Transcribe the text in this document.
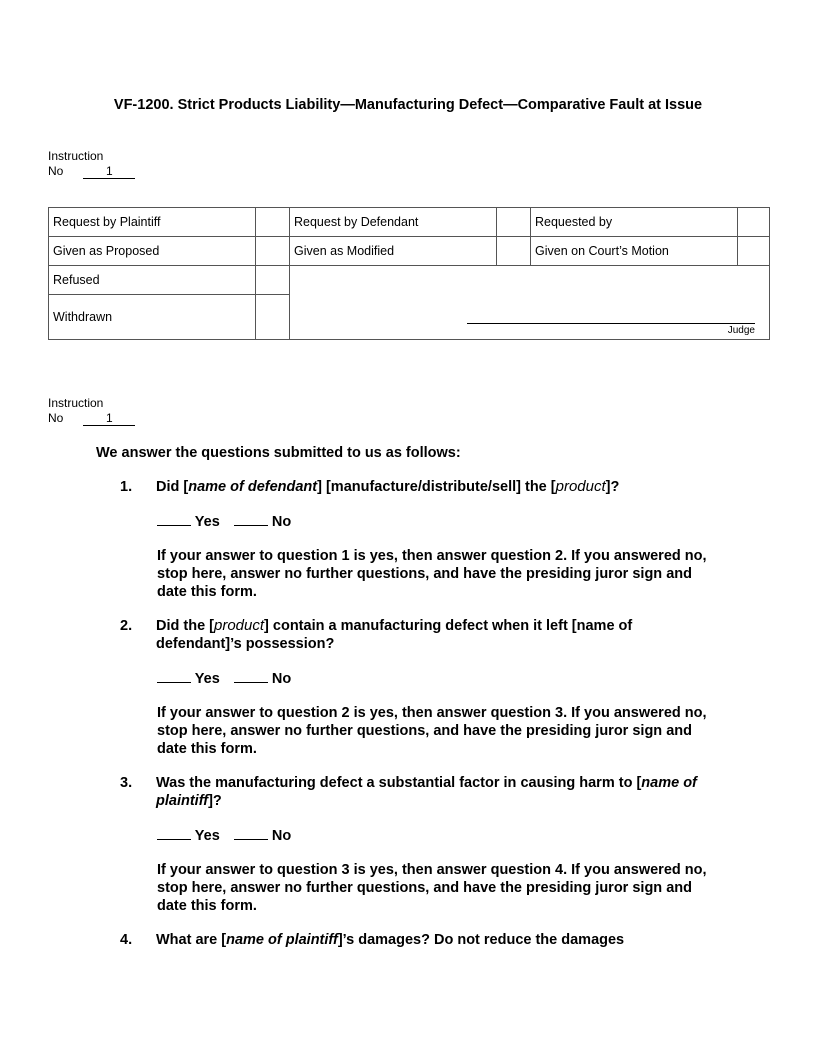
VF-1200. Strict Products Liability—Manufacturing Defect—Comparative Fault at Issue
Instruction
No	1
Request by Plaintiff		Request by Defendant		Requested by	
Given as Proposed		Given as Modified		Given on Court’s Motion	
Refused		Judge			

Withdrawn					
Instruction
No	1
We answer the questions submitted to us as follows:
1. Did [name of defendant] [manufacture/distribute/sell] the [product]?
Yes	No
If your answer to question 1 is yes, then answer question 2. If you answered no, stop here, answer no further questions, and have the presiding juror sign and date this form.
2. Did the [product] contain a manufacturing defect when it left [name of defendant]’s possession?
Yes	No
If your answer to question 2 is yes, then answer question 3. If you answered no, stop here, answer no further questions, and have the presiding juror sign and date this form.
3. Was the manufacturing defect a substantial factor in causing harm to [name of plaintiff]?
Yes	No
If your answer to question 3 is yes, then answer question 4. If you answered no, stop here, answer no further questions, and have the presiding juror sign and date this form.
4. What are [name of plaintiff]’s damages? Do not reduce the damages
